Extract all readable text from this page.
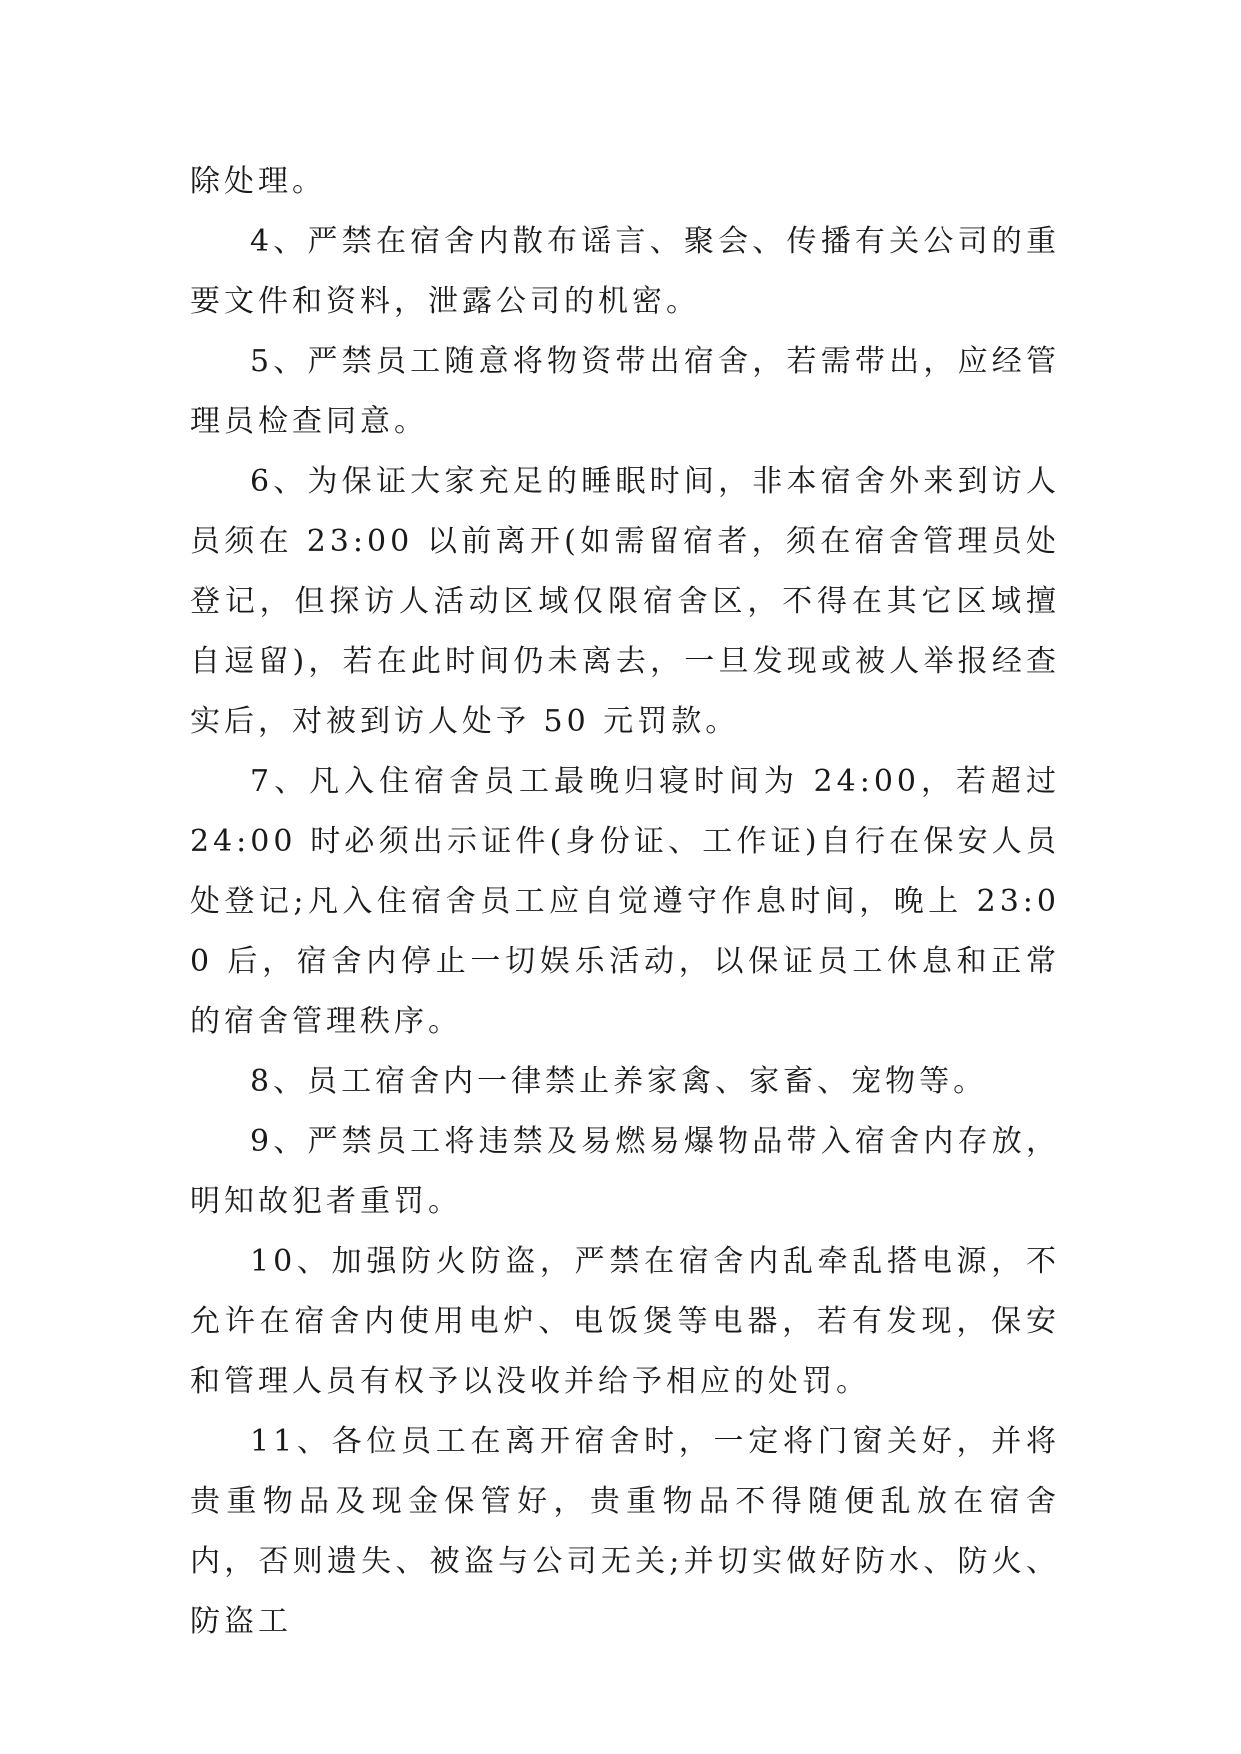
除处理。

4、严禁在宿舍内散布谣言、聚会、传播有关公司的重要文件和资料，泄露公司的机密。

5、严禁员工随意将物资带出宿舍，若需带出，应经管理员检查同意。

6、为保证大家充足的睡眠时间，非本宿舍外来到访人员须在 23:00 以前离开(如需留宿者，须在宿舍管理员处登记，但探访人活动区域仅限宿舍区，不得在其它区域擅自逗留)，若在此时间仍未离去，一旦发现或被人举报经查实后，对被到访人处予 50 元罚款。

7、凡入住宿舍员工最晚归寝时间为 24:00，若超过 24:00 时必须出示证件(身份证、工作证)自行在保安人员处登记;凡入住宿舍员工应自觉遵守作息时间，晚上 23:00 后，宿舍内停止一切娱乐活动，以保证员工休息和正常的宿舍管理秩序。

8、员工宿舍内一律禁止养家禽、家畜、宠物等。

9、严禁员工将违禁及易燃易爆物品带入宿舍内存放，明知故犯者重罚。

10、加强防火防盗，严禁在宿舍内乱牵乱搭电源，不允许在宿舍内使用电炉、电饭煲等电器，若有发现，保安和管理人员有权予以没收并给予相应的处罚。

11、各位员工在离开宿舍时，一定将门窗关好，并将贵重物品及现金保管好，贵重物品不得随便乱放在宿舍内，否则遗失、被盗与公司无关;并切实做好防水、防火、防盗工
